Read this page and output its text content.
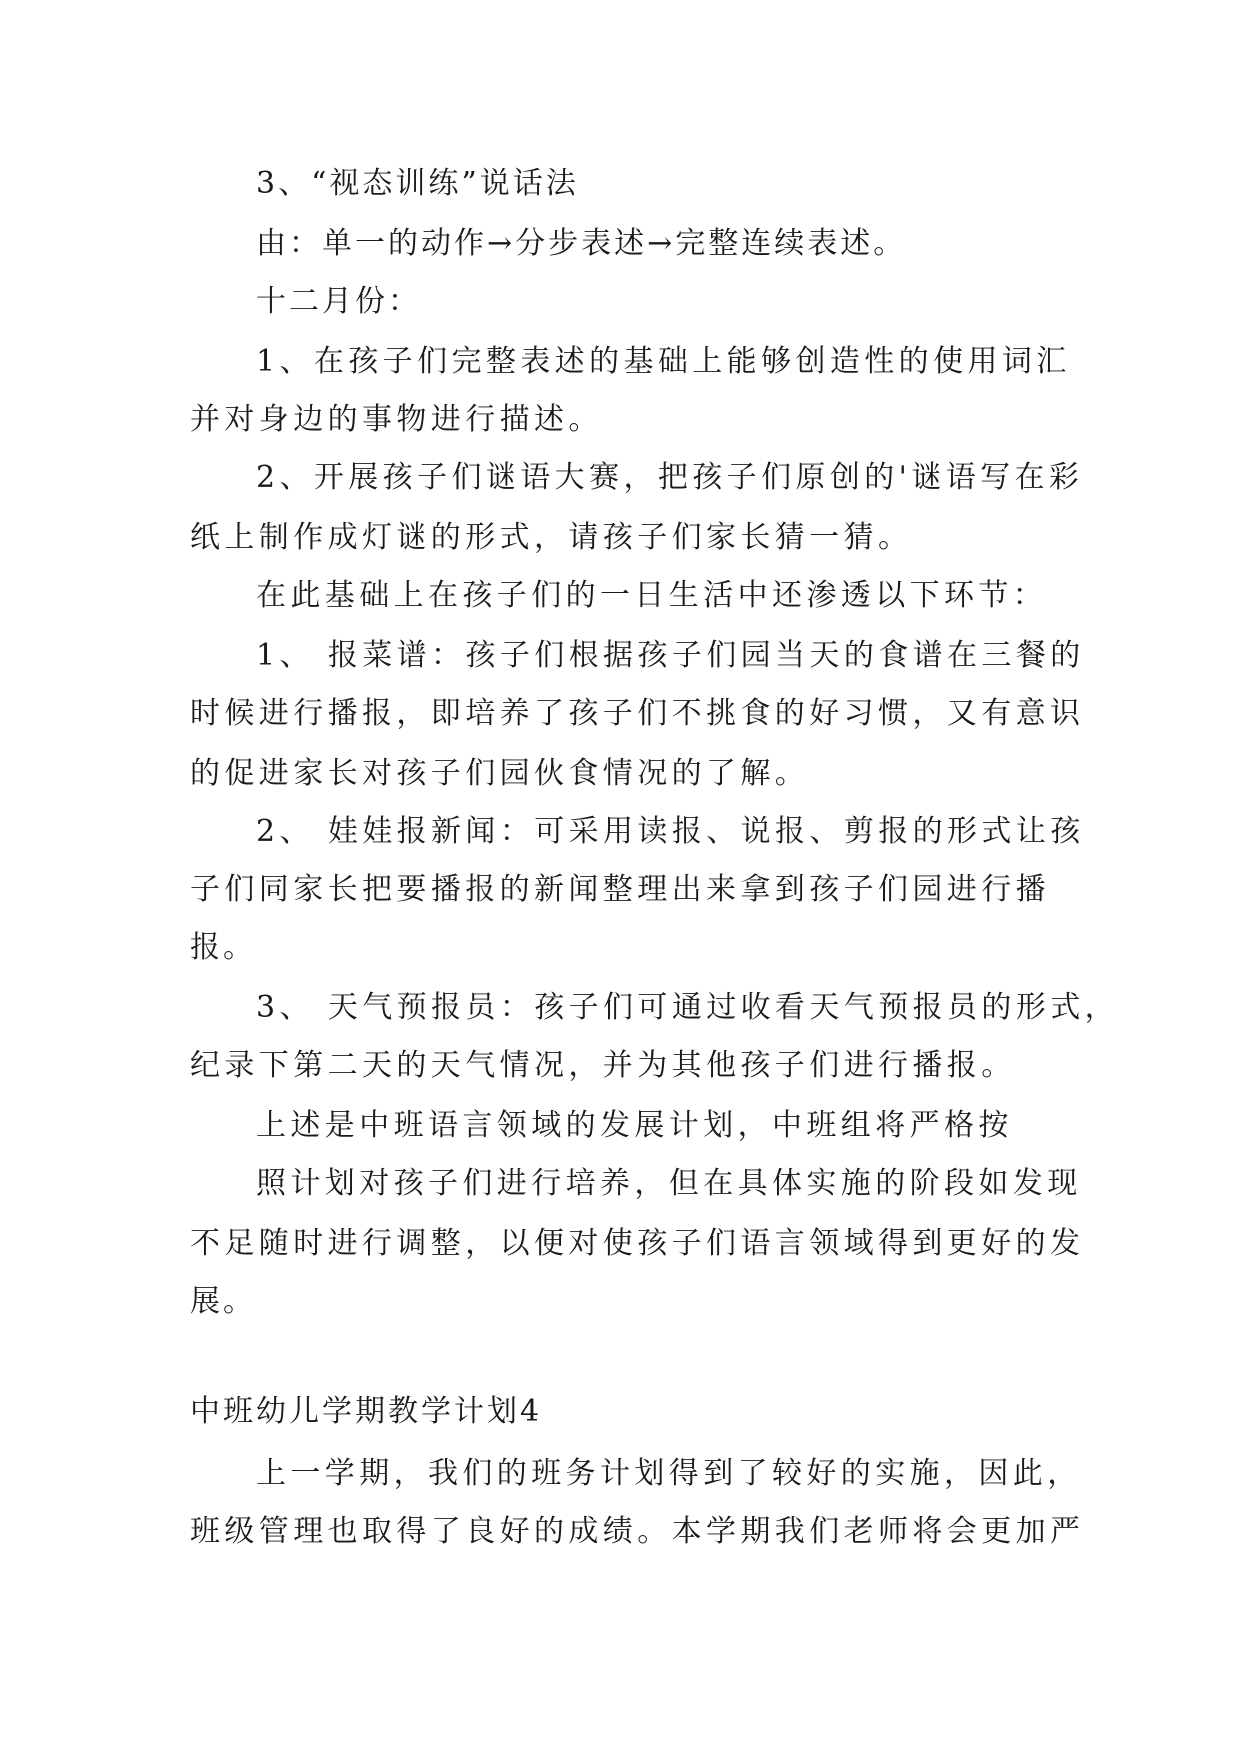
3、“视态训练”说话法
由：单一的动作→分步表述→完整连续表述。
十二月份：
1、在孩子们完整表述的基础上能够创造性的使用词汇
并对身边的事物进行描述。
2、开展孩子们谜语大赛，把孩子们原创的'谜语写在彩
纸上制作成灯谜的形式，请孩子们家长猜一猜。
在此基础上在孩子们的一日生活中还渗透以下环节：
1、 报菜谱：孩子们根据孩子们园当天的食谱在三餐的
时候进行播报，即培养了孩子们不挑食的好习惯，又有意识
的促进家长对孩子们园伙食情况的了解。
2、 娃娃报新闻：可采用读报、说报、剪报的形式让孩
子们同家长把要播报的新闻整理出来拿到孩子们园进行播
报。
3、 天气预报员：孩子们可通过收看天气预报员的形式，
纪录下第二天的天气情况，并为其他孩子们进行播报。
上述是中班语言领域的发展计划，中班组将严格按
照计划对孩子们进行培养，但在具体实施的阶段如发现
不足随时进行调整，以便对使孩子们语言领域得到更好的发
展。
中班幼儿学期教学计划4
上一学期，我们的班务计划得到了较好的实施，因此，
班级管理也取得了良好的成绩。本学期我们老师将会更加严
